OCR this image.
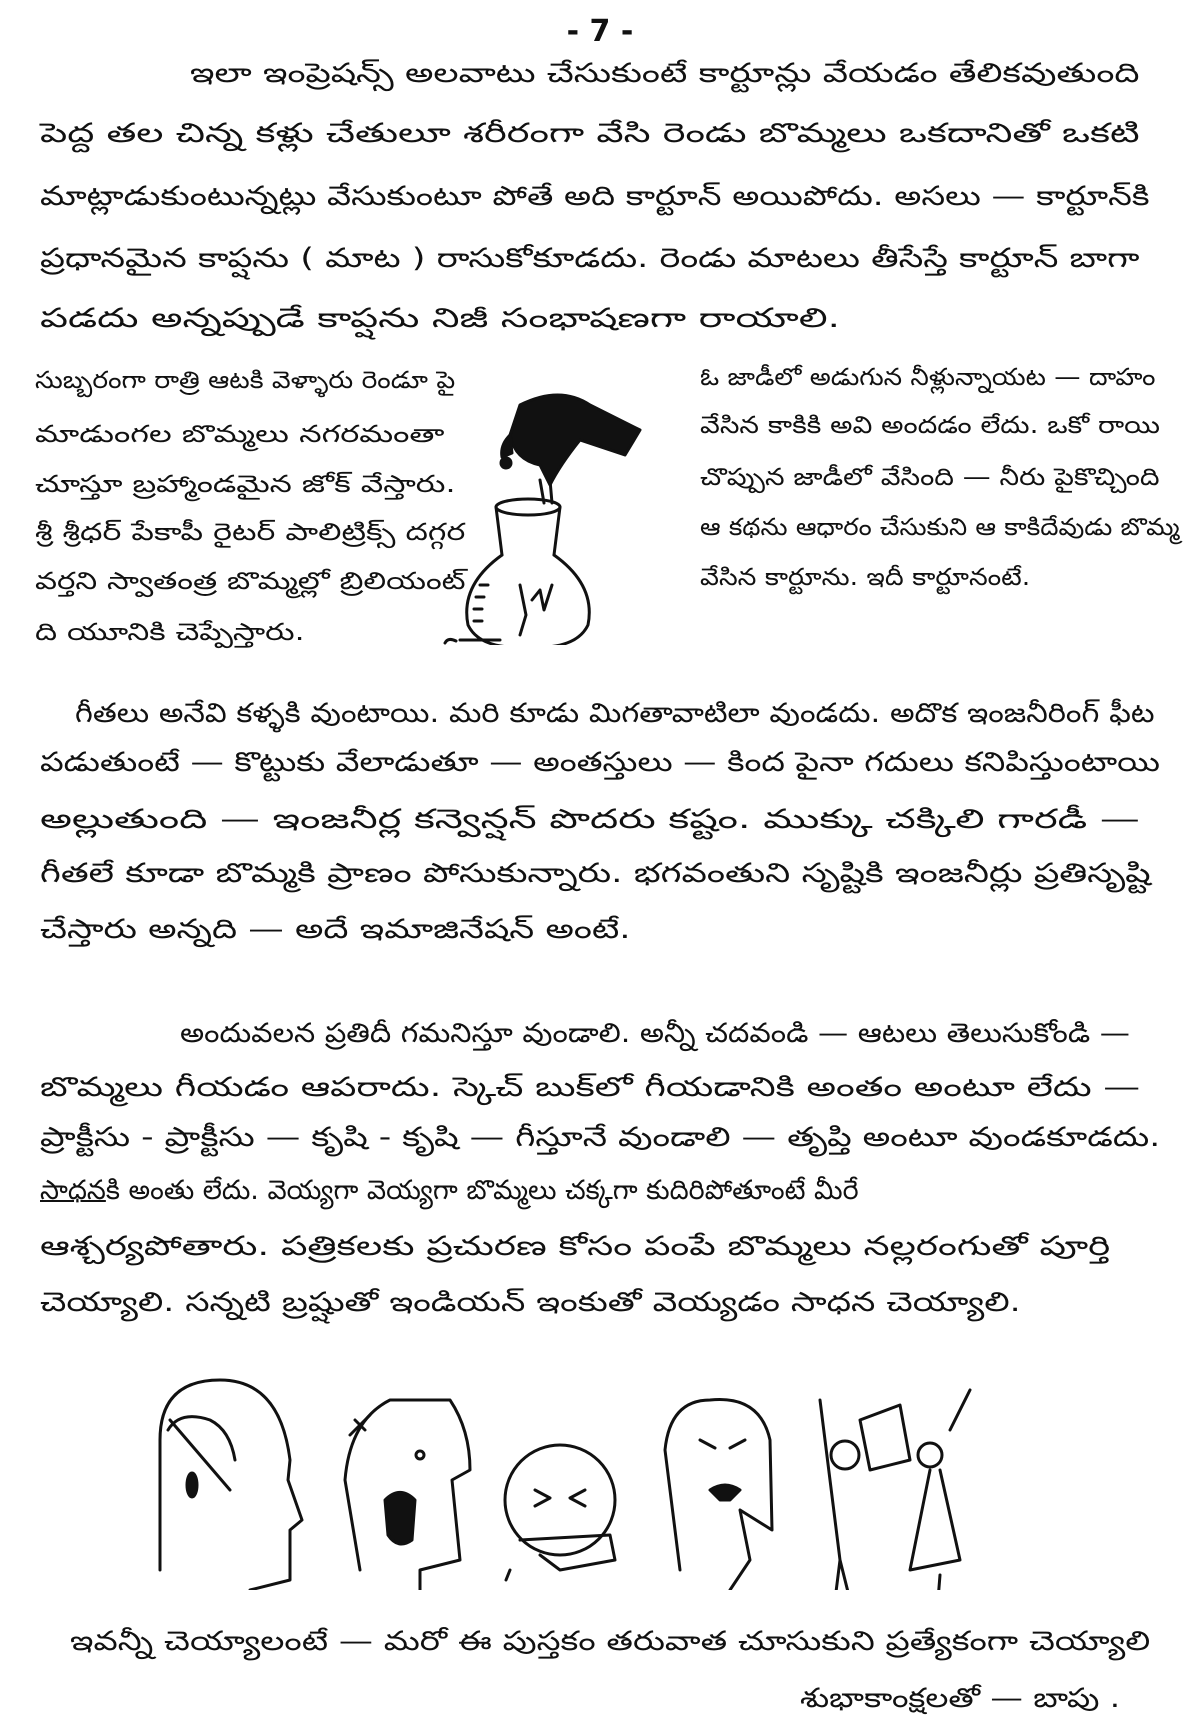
- 7 -
ఇలా ఇంప్రెషన్స్ అలవాటు చేసుకుంటే కార్టూన్లు వేయడం తేలికవుతుంది
పెద్ద తల చిన్న కళ్లు చేతులూ శరీరంగా వేసి రెండు బొమ్మలు ఒకదానితో ఒకటి
మాట్లాడుకుంటున్నట్లు వేసుకుంటూ పోతే అది కార్టూన్ అయిపోదు. అసలు — కార్టూన్‌కి
ప్రధానమైన కాప్షను ( మాట ) రాసుకోకూడదు. రెండు మాటలు తీసేస్తే కార్టూన్ బాగా
పడదు అన్నప్పుడే కాప్షను నిజీ సంభాషణగా రాయాలి.
సుబ్బరంగా రాత్రి ఆటకి వెళ్ళారు రెండూ పై
మాడుంగల బొమ్మలు నగరమంతా
చూస్తూ బ్రహ్మాండమైన జోక్ వేస్తారు.
శ్రీ శ్రీధర్ పేకాపీ రైటర్ పాలిట్రిక్స్ దగ్గర
వర్తని స్వాతంత్ర బొమ్మల్లో బ్రిలియంట్
ది యూనికి చెప్పేస్తారు.
ఓ జాడీలో అడుగున నీళ్లున్నాయట — దాహం
వేసిన కాకికి అవి అందడం లేదు. ఒకో రాయి
చొప్పున జాడీలో వేసింది — నీరు పైకొచ్చింది
ఆ కథను ఆధారం చేసుకుని ఆ కాకిదేవుడు బొమ్మ
వేసిన కార్టూను. ఇదీ కార్టూనంటే.
గీతలు అనేవి కళ్ళకి వుంటాయి. మరి కూడు మిగతావాటిలా వుండదు. అదొక ఇంజనీరింగ్ ఫీట
పడుతుంటే — కొట్టుకు వేలాడుతూ — అంతస్తులు — కింద పైనా గదులు కనిపిస్తుంటాయి
అల్లుతుంది — ఇంజనీర్ల కన్వెన్షన్ పొదరు కష్టం. ముక్కు చక్కిలి గారడీ —
గీతలే కూడా బొమ్మకి ప్రాణం పోసుకున్నారు. భగవంతుని సృష్టికి ఇంజనీర్లు ప్రతిసృష్టి
చేస్తారు అన్నది — అదే ఇమాజినేషన్ అంటే.
అందువలన ప్రతిదీ గమనిస్తూ వుండాలి. అన్నీ చదవండి — ఆటలు తెలుసుకోండి —
బొమ్మలు గీయడం ఆపరాదు. స్కెచ్ బుక్‌లో గీయడానికి అంతం అంటూ లేదు —
ప్రాక్టీసు - ప్రాక్టీసు — కృషి - కృషి — గీస్తూనే వుండాలి — తృప్తి అంటూ వుండకూడదు.
సాధనకి అంతు లేదు. వెయ్యగా వెయ్యగా బొమ్మలు చక్కగా కుదిరిపోతూంటే మీరే
ఆశ్చర్యపోతారు. పత్రికలకు ప్రచురణ కోసం పంపే బొమ్మలు నల్లరంగుతో పూర్తి
చెయ్యాలి. సన్నటి బ్రష్షుతో ఇండియన్ ఇంకుతో వెయ్యడం సాధన చెయ్యాలి.
ఇవన్నీ చెయ్యాలంటే — మరో ఈ పుస్తకం తరువాత చూసుకుని ప్రత్యేకంగా చెయ్యాలి
శుభాకాంక్షలతో — బాపు .
